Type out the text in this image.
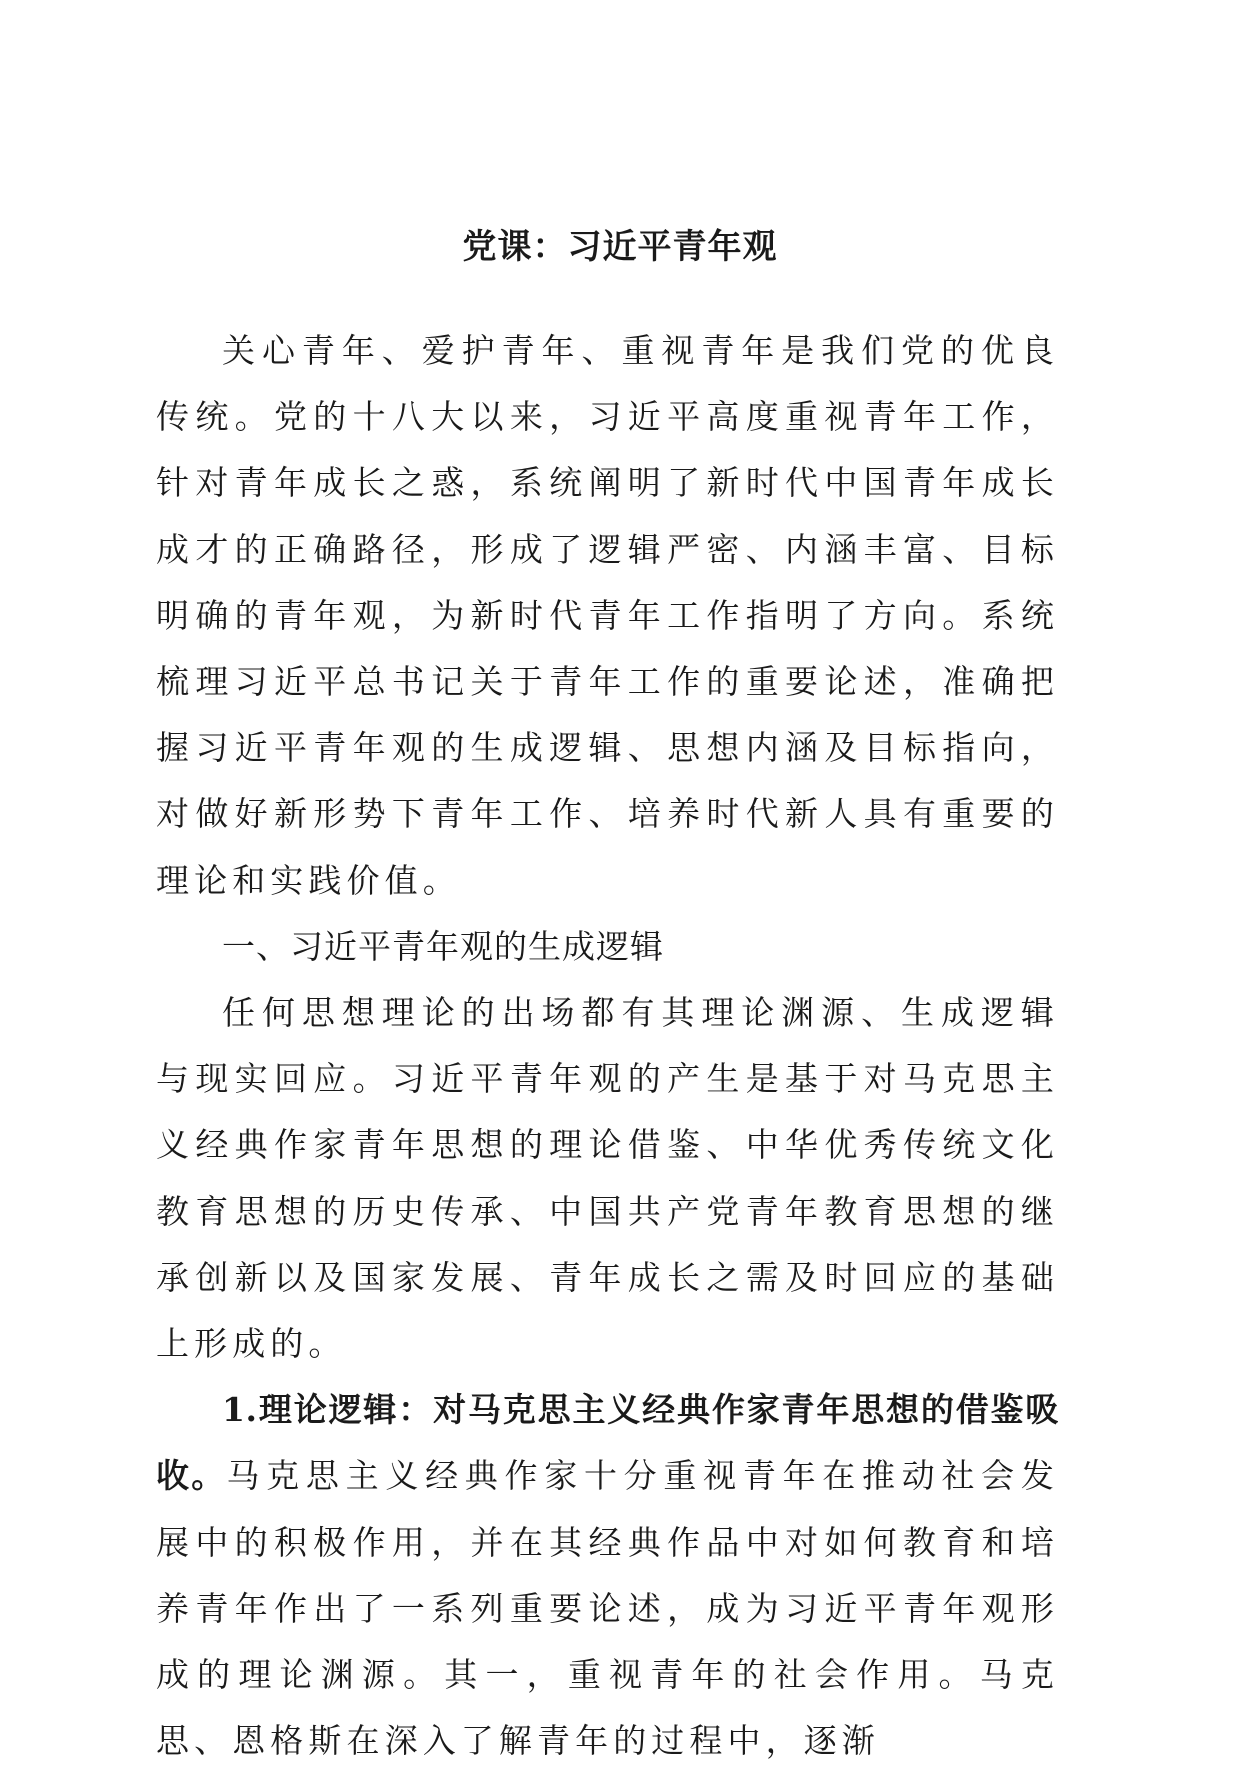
党课：习近平青年观

关心青年、爱护青年、重视青年是我们党的优良传统。党的十八大以来，习近平高度重视青年工作，针对青年成长之惑，系统阐明了新时代中国青年成长成才的正确路径，形成了逻辑严密、内涵丰富、目标明确的青年观，为新时代青年工作指明了方向。系统梳理习近平总书记关于青年工作的重要论述，准确把握习近平青年观的生成逻辑、思想内涵及目标指向，对做好新形势下青年工作、培养时代新人具有重要的理论和实践价值。

一、习近平青年观的生成逻辑

任何思想理论的出场都有其理论渊源、生成逻辑与现实回应。习近平青年观的产生是基于对马克思主义经典作家青年思想的理论借鉴、中华优秀传统文化教育思想的历史传承、中国共产党青年教育思想的继承创新以及国家发展、青年成长之需及时回应的基础上形成的。

1.理论逻辑：对马克思主义经典作家青年思想的借鉴吸收。马克思主义经典作家十分重视青年在推动社会发展中的积极作用，并在其经典作品中对如何教育和培养青年作出了一系列重要论述，成为习近平青年观形成的理论渊源。其一，重视青年的社会作用。马克思、恩格斯在深入了解青年的过程中，逐渐
